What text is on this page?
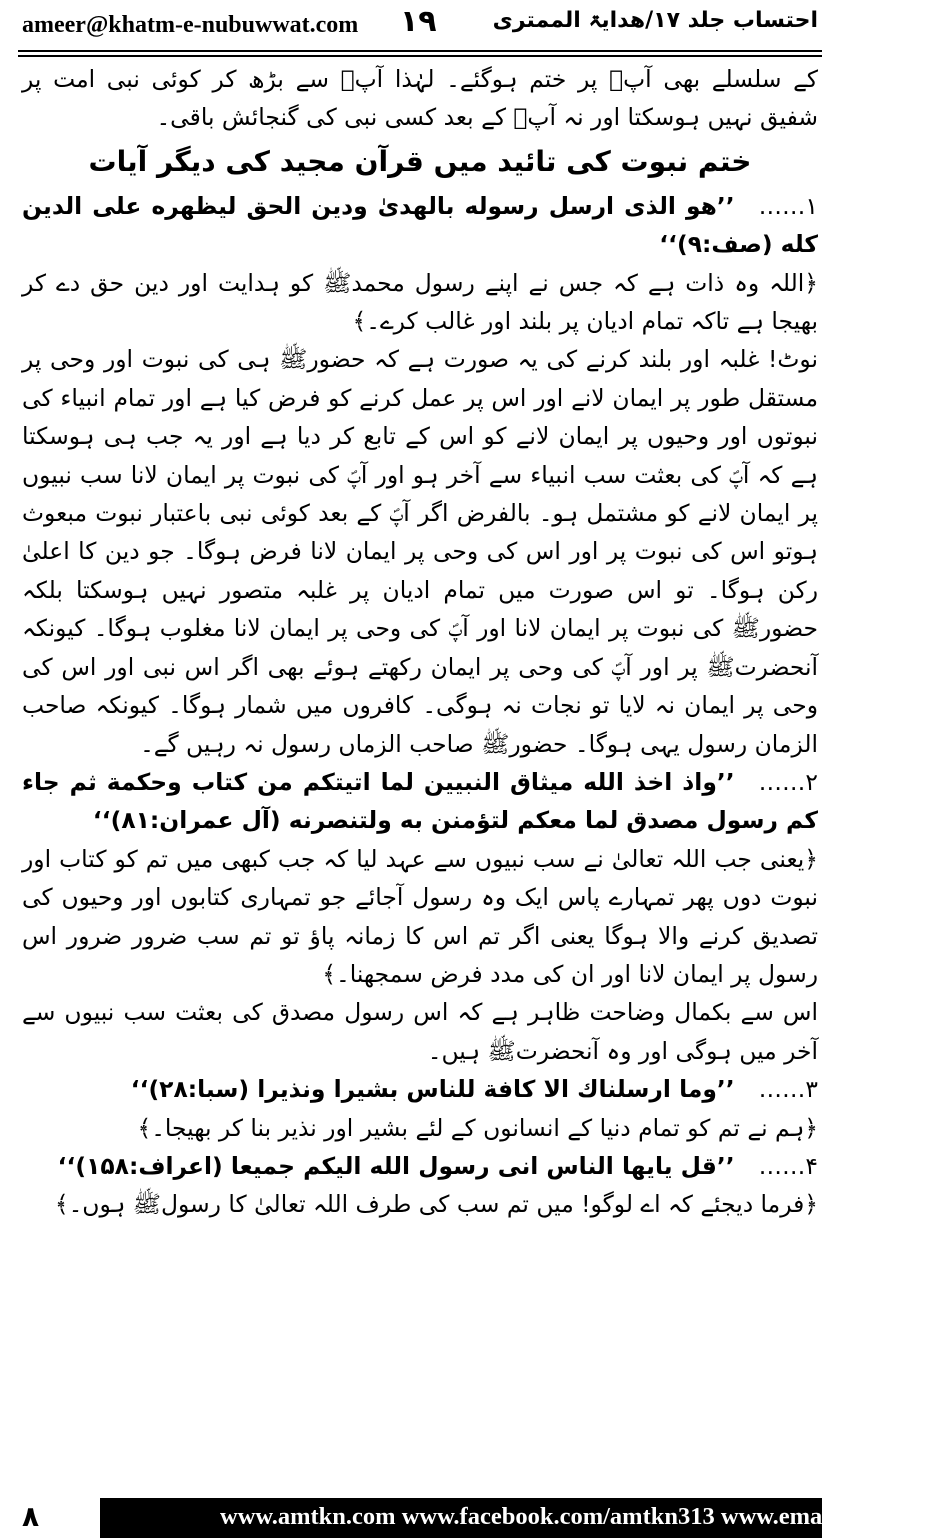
ameer@khatm-e-nubuwwat.com ۱۹	احتساب جلد ۱۷/ھدایۃ الممتری

کے سلسلے بھی آپؐ پر ختم ہوگئے۔ لہٰذا آپؐ سے بڑھ کر کوئی نبی امت پر شفیق نہیں ہوسکتا اور نہ آپؐ کے بعد کسی نبی کی گنجائش باقی۔

ختم نبوت کی تائید میں قرآن مجید کی دیگر آیات

۱……’’ھو الذی ارسل رسوله بالھدیٰ ودین الحق لیظھره علی الدین کله (صف:۹)‘‘

﴿اللہ وہ ذات ہے کہ جس نے اپنے رسول محمدﷺ کو ہدایت اور دین حق دے کر بھیجا ہے تاکہ تمام ادیان پر بلند اور غالب کرے۔﴾

نوٹ! غلبہ اور بلند کرنے کی یہ صورت ہے کہ حضورﷺ ہی کی نبوت اور وحی پر مستقل طور پر ایمان لانے اور اس پر عمل کرنے کو فرض کیا ہے اور تمام انبیاء کی نبوتوں اور وحیوں پر ایمان لانے کو اس کے تابع کر دیا ہے اور یہ جب ہی ہوسکتا ہے کہ آپؐ کی بعثت سب انبیاء سے آخر ہو اور آپؐ کی نبوت پر ایمان لانا سب نبیوں پر ایمان لانے کو مشتمل ہو۔ بالفرض اگر آپؐ کے بعد کوئی نبی باعتبار نبوت مبعوث ہوتو اس کی نبوت پر اور اس کی وحی پر ایمان لانا فرض ہوگا۔ جو دین کا اعلیٰ رکن ہوگا۔ تو اس صورت میں تمام ادیان پر غلبہ متصور نہیں ہوسکتا بلکہ حضورﷺ کی نبوت پر ایمان لانا اور آپؐ کی وحی پر ایمان لانا مغلوب ہوگا۔ کیونکہ آنحضرتﷺ پر اور آپؐ کی وحی پر ایمان رکھتے ہوئے بھی اگر اس نبی اور اس کی وحی پر ایمان نہ لایا تو نجات نہ ہوگی۔ کافروں میں شمار ہوگا۔ کیونکہ صاحب الزمان رسول یہی ہوگا۔ حضورﷺ صاحب الزماں رسول نہ رہیں گے۔

۲……’’واذ اخذ الله میثاق النبیین لما اتیتکم من کتاب وحکمة ثم جاء کم رسول مصدق لما معکم لتؤمنن به ولتنصرنه (آل عمران:۸۱)‘‘

﴿یعنی جب اللہ تعالیٰ نے سب نبیوں سے عہد لیا کہ جب کبھی میں تم کو کتاب اور نبوت دوں پھر تمہارے پاس ایک وہ رسول آجائے جو تمہاری کتابوں اور وحیوں کی تصدیق کرنے والا ہوگا یعنی اگر تم اس کا زمانہ پاؤ تو تم سب ضرور ضرور اس رسول پر ایمان لانا اور ان کی مدد فرض سمجھنا۔﴾

اس سے بکمال وضاحت ظاہر ہے کہ اس رسول مصدق کی بعثت سب نبیوں سے آخر میں ہوگی اور وہ آنحضرتﷺ ہیں۔

۳……’’وما ارسلناك الا کافة للناس بشیرا ونذیرا (سبا:۲۸)‘‘

﴿ہم نے تم کو تمام دنیا کے انسانوں کے لئے بشیر اور نذیر بنا کر بھیجا۔﴾

۴……’’قل یایھا الناس انی رسول الله الیکم جمیعا (اعراف:۱۵۸)‘‘

﴿فرما دیجئے کہ اے لوگو! میں تم سب کی طرف اللہ تعالیٰ کا رسولﷺ ہوں۔﴾

۸	www.amtkn.com www.facebook.com/amtkn313 www.emaktaba.info
